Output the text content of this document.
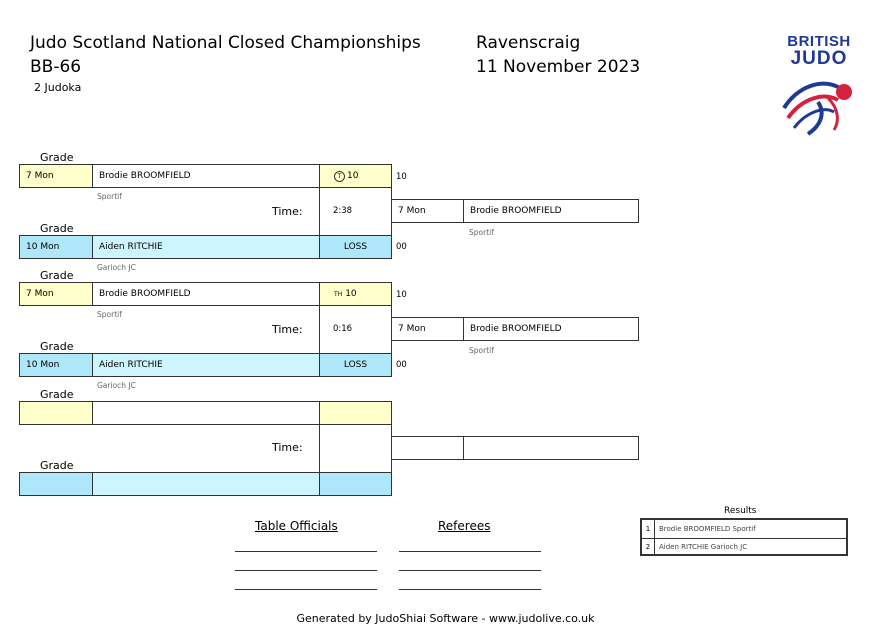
Judo Scotland National Closed Championships
BB-66
2 Judoka
Ravenscraig
11 November 2023
BRITISH
JUDO
Grade
7 Mon	Brodie BROOMFIELD	T 10	10
Sportif
Time:	2:38	7 Mon	Brodie BROOMFIELD
Sportif
Grade
10 Mon	Aiden RITCHIE	LOSS	00
Garioch JC
Grade
7 Mon	Brodie BROOMFIELD	TH 10	10
Sportif
Time:	0:16	7 Mon	Brodie BROOMFIELD
Sportif
Grade
10 Mon	Aiden RITCHIE	LOSS	00
Garioch JC
Grade
Time:
Grade
Table Officials	Referees
Results
1	Brodie BROOMFIELD Sportif
2	Aiden RITCHIE Garioch JC
Generated by JudoShiai Software - www.judolive.co.uk
